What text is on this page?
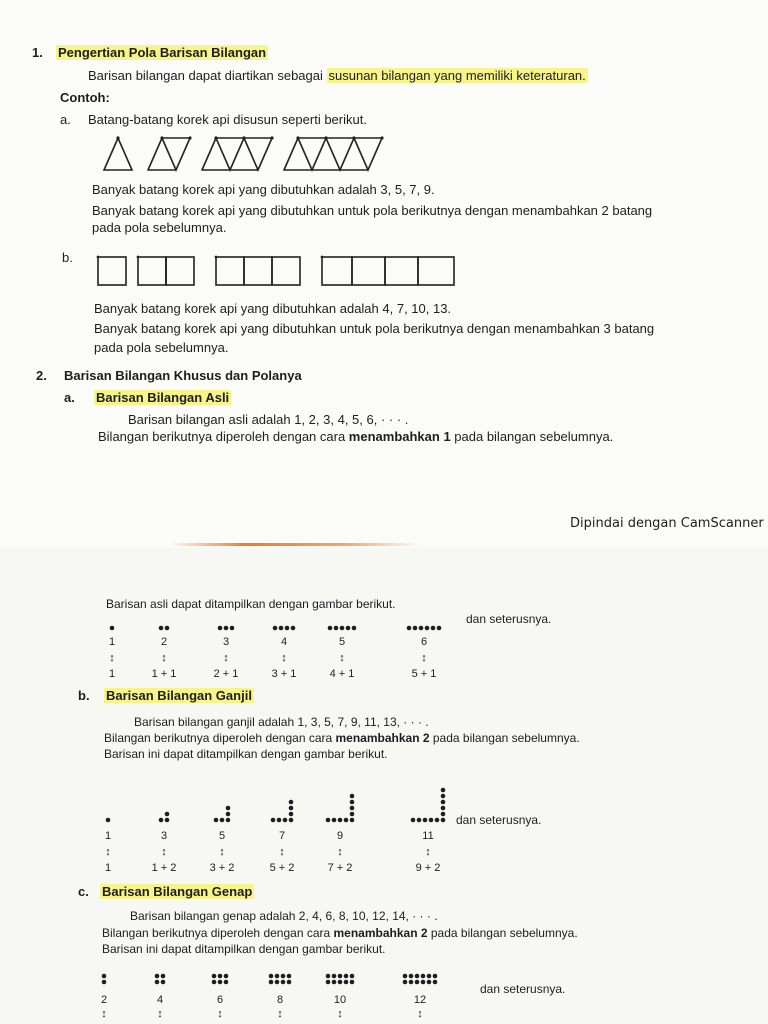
1. Pengertian Pola Barisan Bilangan
Barisan bilangan dapat diartikan sebagai susunan bilangan yang memiliki keteraturan.
Contoh:
a. Batang-batang korek api disusun seperti berikut.
Banyak batang korek api yang dibutuhkan adalah 3, 5, 7, 9.
Banyak batang korek api yang dibutuhkan untuk pola berikutnya dengan menambahkan 2 batang
pada pola sebelumnya.
b.
Banyak batang korek api yang dibutuhkan adalah 4, 7, 10, 13.
Banyak batang korek api yang dibutuhkan untuk pola berikutnya dengan menambahkan 3 batang
pada pola sebelumnya.
2. Barisan Bilangan Khusus dan Polanya
a. Barisan Bilangan Asli
Barisan bilangan asli adalah 1, 2, 3, 4, 5, 6, · · · .
Bilangan berikutnya diperoleh dengan cara menambahkan 1 pada bilangan sebelumnya.
Dipindai dengan CamScanner
Barisan asli dapat ditampilkan dengan gambar berikut.
1
↕
1
2
↕
1 + 1
3
↕
2 + 1
4
↕
3 + 1
5
↕
4 + 1
6
↕
5 + 1
dan seterusnya.
b. Barisan Bilangan Ganjil
Barisan bilangan ganjil adalah 1, 3, 5, 7, 9, 11, 13, · · · .
Bilangan berikutnya diperoleh dengan cara menambahkan 2 pada bilangan sebelumnya.
Barisan ini dapat ditampilkan dengan gambar berikut.
1
↕
1
3
↕
1 + 2
5
↕
3 + 2
7
↕
5 + 2
9
↕
7 + 2
11
↕
9 + 2
dan seterusnya.
c. Barisan Bilangan Genap
Barisan bilangan genap adalah 2, 4, 6, 8, 10, 12, 14, · · · .
Bilangan berikutnya diperoleh dengan cara menambahkan 2 pada bilangan sebelumnya.
Barisan ini dapat ditampilkan dengan gambar berikut.
2
↕
4
↕
6
↕
8
↕
10
↕
12
↕
dan seterusnya.
